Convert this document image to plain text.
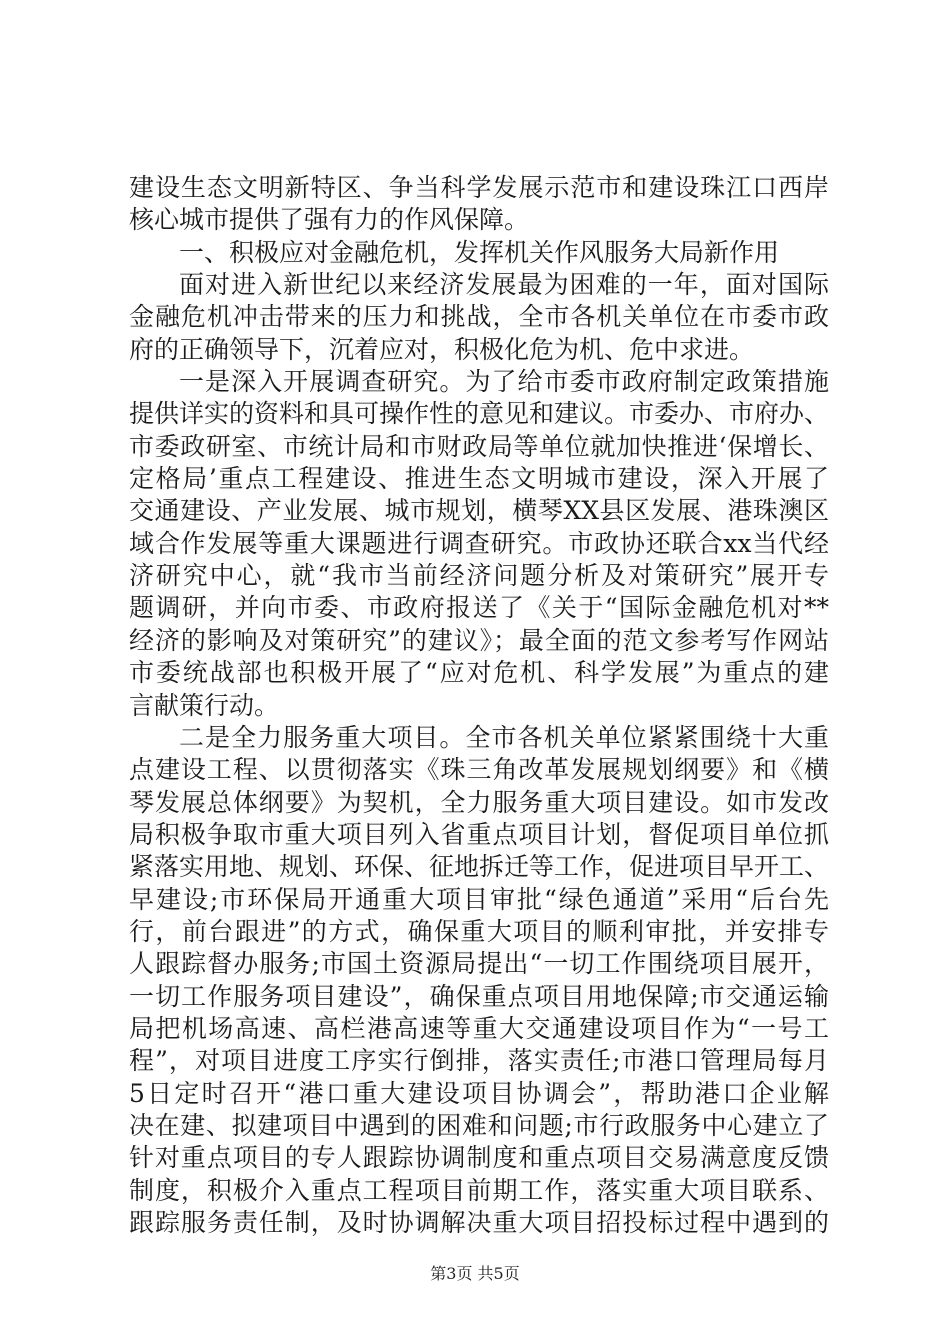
建设生态文明新特区、争当科学发展示范市和建设珠江口西岸
核心城市提供了强有力的作风保障。
一、积极应对金融危机，发挥机关作风服务大局新作用
面对进入新世纪以来经济发展最为困难的一年，面对国际
金融危机冲击带来的压力和挑战，全市各机关单位在市委市政
府的正确领导下，沉着应对，积极化危为机、危中求进。
一是深入开展调查研究。为了给市委市政府制定政策措施
提供详实的资料和具可操作性的意见和建议。市委办、市府办、
市委政研室、市统计局和市财政局等单位就加快推进‘保增长、
定格局’重点工程建设、推进生态文明城市建设，深入开展了
交通建设、产业发展、城市规划，横琴XX县区发展、港珠澳区
域合作发展等重大课题进行调查研究。市政协还联合xx当代经
济研究中心，就“我市当前经济问题分析及对策研究”展开专
题调研，并向市委、市政府报送了《关于“国际金融危机对**
经济的影响及对策研究”的建议》；最全面的范文参考写作网站
市委统战部也积极开展了“应对危机、科学发展”为重点的建
言献策行动。
二是全力服务重大项目。全市各机关单位紧紧围绕十大重
点建设工程、以贯彻落实《珠三角改革发展规划纲要》和《横
琴发展总体纲要》为契机，全力服务重大项目建设。如市发改
局积极争取市重大项目列入省重点项目计划，督促项目单位抓
紧落实用地、规划、环保、征地拆迁等工作，促进项目早开工、
早建设;市环保局开通重大项目审批“绿色通道”采用“后台先
行，前台跟进”的方式，确保重大项目的顺利审批，并安排专
人跟踪督办服务;市国土资源局提出“一切工作围绕项目展开，
一切工作服务项目建设”，确保重点项目用地保障;市交通运输
局把机场高速、高栏港高速等重大交通建设项目作为“一号工
程”，对项目进度工序实行倒排，落实责任;市港口管理局每月
5日定时召开“港口重大建设项目协调会”，帮助港口企业解
决在建、拟建项目中遇到的困难和问题;市行政服务中心建立了
针对重点项目的专人跟踪协调制度和重点项目交易满意度反馈
制度，积极介入重点工程项目前期工作，落实重大项目联系、
跟踪服务责任制，及时协调解决重大项目招投标过程中遇到的
第3页 共5页
